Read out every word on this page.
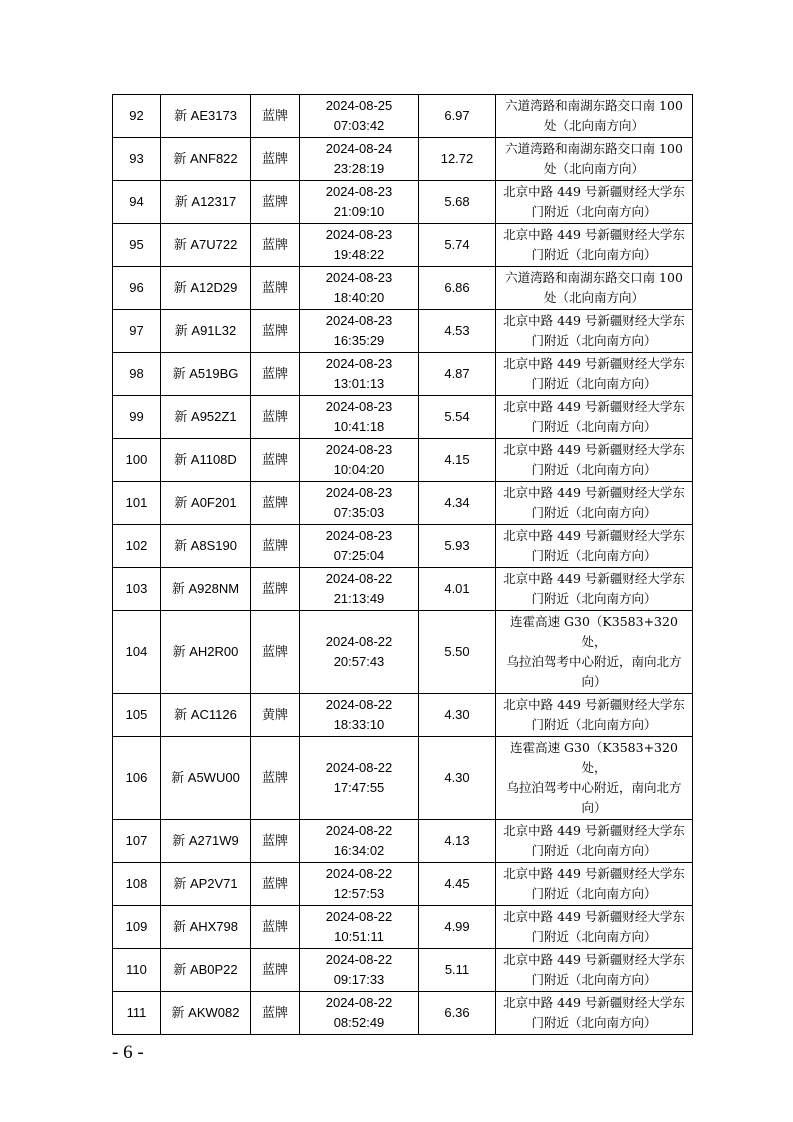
92	新 AE3173	蓝牌	2024-08-25
07:03:42	6.97	六道湾路和南湖东路交口南 100
处（北向南方向）

93	新 ANF822	蓝牌	2024-08-24
23:28:19	12.72	六道湾路和南湖东路交口南 100
处（北向南方向）

94	新 A12317	蓝牌	2024-08-23
21:09:10	5.68	北京中路 449 号新疆财经大学东
门附近（北向南方向）

95	新 A7U722	蓝牌	2024-08-23
19:48:22	5.74	北京中路 449 号新疆财经大学东
门附近（北向南方向）

96	新 A12D29	蓝牌	2024-08-23
18:40:20	6.86	六道湾路和南湖东路交口南 100
处（北向南方向）

97	新 A91L32	蓝牌	2024-08-23
16:35:29	4.53	北京中路 449 号新疆财经大学东
门附近（北向南方向）

98	新 A519BG	蓝牌	2024-08-23
13:01:13	4.87	北京中路 449 号新疆财经大学东
门附近（北向南方向）

99	新 A952Z1	蓝牌	2024-08-23
10:41:18	5.54	北京中路 449 号新疆财经大学东
门附近（北向南方向）

100	新 A1108D	蓝牌	2024-08-23
10:04:20	4.15	北京中路 449 号新疆财经大学东
门附近（北向南方向）

101	新 A0F201	蓝牌	2024-08-23
07:35:03	4.34	北京中路 449 号新疆财经大学东
门附近（北向南方向）

102	新 A8S190	蓝牌	2024-08-23
07:25:04	5.93	北京中路 449 号新疆财经大学东
门附近（北向南方向）

103	新 A928NM	蓝牌	2024-08-22
21:13:49	4.01	北京中路 449 号新疆财经大学东
门附近（北向南方向）

104	新 AH2R00	蓝牌	2024-08-22
20:57:43	5.50	连霍高速 G30（K3583+320 处，
乌拉泊驾考中心附近，南向北方
向）

105	新 AC1126	黄牌	2024-08-22
18:33:10	4.30	北京中路 449 号新疆财经大学东
门附近（北向南方向）

106	新 A5WU00	蓝牌	2024-08-22
17:47:55	4.30	连霍高速 G30（K3583+320 处，
乌拉泊驾考中心附近，南向北方
向）

107	新 A271W9	蓝牌	2024-08-22
16:34:02	4.13	北京中路 449 号新疆财经大学东
门附近（北向南方向）

108	新 AP2V71	蓝牌	2024-08-22
12:57:53	4.45	北京中路 449 号新疆财经大学东
门附近（北向南方向）

109	新 AHX798	蓝牌	2024-08-22
10:51:11	4.99	北京中路 449 号新疆财经大学东
门附近（北向南方向）

110	新 AB0P22	蓝牌	2024-08-22
09:17:33	5.11	北京中路 449 号新疆财经大学东
门附近（北向南方向）

111	新 AKW082	蓝牌	2024-08-22
08:52:49	6.36	北京中路 449 号新疆财经大学东
门附近（北向南方向）
- 6 -
